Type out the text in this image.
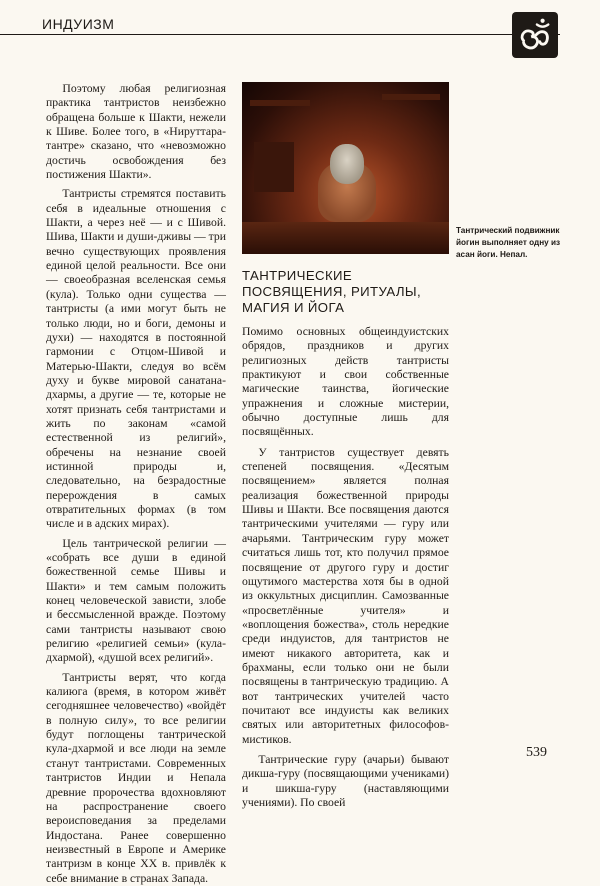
ИНДУИЗМ

Поэтому любая религиозная практика тантристов неизбежно обращена больше к Шакти, нежели к Шиве. Более того, в «Нируттара-тантре» сказано, что «невозможно достичь освобождения без постижения Шакти».

Тантристы стремятся поставить себя в идеальные отношения с Шакти, а через неё — и с Шивой. Шива, Шакти и души-дживы — три вечно существующих проявления единой целой реальности. Все они — своеобразная вселенская семья (кула). Только одни существа — тантристы (а ими могут быть не только люди, но и боги, демоны и духи) — находятся в постоянной гармонии с Отцом-Шивой и Матерью-Шакти, следуя во всём духу и букве мировой санатана-дхармы, а другие — те, которые не хотят признать себя тантристами и жить по законам «самой естественной из религий», обречены на незнание своей истинной природы и, следовательно, на безрадостные перерождения в самых отвратительных формах (в том числе и в адских мирах).

Цель тантрической религии — «собрать все души в единой божественной семье Шивы и Шакти» и тем самым положить конец человеческой зависти, злобе и бессмысленной вражде. Поэтому сами тантристы называют свою религию «религией семьи» (кула-дхармой), «душой всех религий».

Тантристы верят, что когда калиюга (время, в котором живёт сегодняшнее человечество) «войдёт в полную силу», то все религии будут поглощены тантрической кула-дхармой и все люди на земле станут тантристами. Современных тантристов Индии и Непала древние пророчества вдохновляют на распространение своего вероисповедания за пределами Индостана. Ранее совершенно неизвестный в Европе и Америке тантризм в конце XX в. привлёк к себе внимание в странах Запада.

Тантрический подвижник йогин выполняет одну из асан йоги. Непал.
ТАНТРИЧЕСКИЕ ПОСВЯЩЕНИЯ, РИТУАЛЫ, МАГИЯ И ЙОГА

Помимо основных общеиндуистских обрядов, праздников и других религиозных действ тантристы практикуют и свои собственные магические таинства, йогические упражнения и сложные мистерии, обычно доступные лишь для посвящённых.

У тантристов существует девять степеней посвящения. «Десятым посвящением» является полная реализация божественной природы Шивы и Шакти. Все посвящения даются тантрическими учителями — гуру или ачарьями. Тантрическим гуру может считаться лишь тот, кто получил прямое посвящение от другого гуру и достиг ощутимого мастерства хотя бы в одной из оккультных дисциплин. Самозванные «просветлённые учителя» и «воплощения божества», столь нередкие среди индуистов, для тантристов не имеют никакого авторитета, как и брахманы, если только они не были посвящены в тантрическую традицию. А вот тантрических учителей часто почитают все индуисты как великих святых или авторитетных философов-мистиков.

Тантрические гуру (ачарьи) бывают дикша-гуру (посвящающими учениками) и шикша-гуру (наставляющими учениями). По своей

539
